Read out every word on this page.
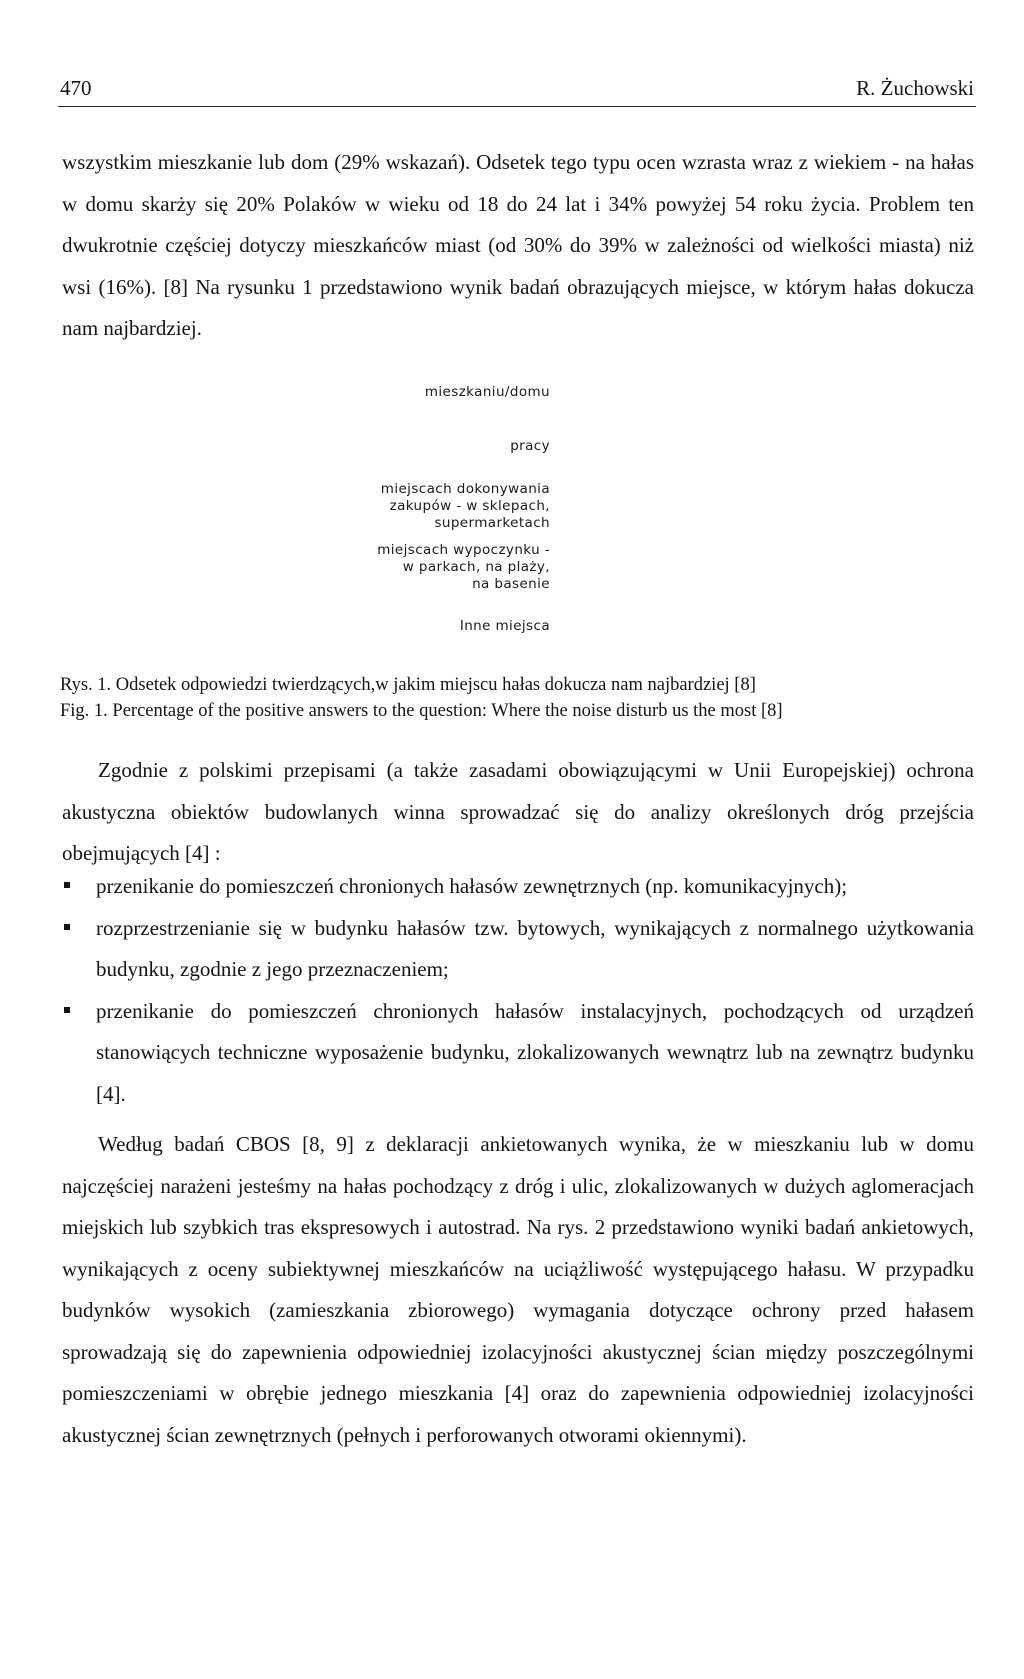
470	R. Żuchowski

wszystkim mieszkanie lub dom (29% wskazań). Odsetek tego typu ocen wzrasta wraz z wiekiem - na hałas w domu skarży się 20% Polaków w wieku od 18 do 24 lat i 34% powyżej 54 roku życia. Problem ten dwukrotnie częściej dotyczy mieszkańców miast (od 30% do 39% w zależności od wielkości miasta) niż wsi (16%). [8] Na rysunku 1 przedstawiono wynik badań obrazujących miejsce, w którym hałas dokucza nam najbardziej.

mieszkaniu/domu

pracy

miejscach dokonywania
zakupów - w sklepach,
supermarketach

miejscach wypoczynku -
w parkach, na plaży,
na basenie

Inne miejsca

Rys. 1. Odsetek odpowiedzi twierdzących,w jakim miejscu hałas dokucza nam najbardziej [8]

Fig. 1. Percentage of the positive answers to the question: Where the noise disturb us the most [8]

Zgodnie z polskimi przepisami (a także zasadami obowiązującymi w Unii Europejskiej) ochrona akustyczna obiektów budowlanych winna sprowadzać się do analizy określonych dróg przejścia obejmujących [4] :

przenikanie do pomieszczeń chronionych hałasów zewnętrznych (np. komunikacyjnych);
rozprzestrzenianie się w budynku hałasów tzw. bytowych, wynikających z normalnego użytkowania budynku, zgodnie z jego przeznaczeniem;
przenikanie do pomieszczeń chronionych hałasów instalacyjnych, pochodzących od urządzeń stanowiących techniczne wyposażenie budynku, zlokalizowanych wewnątrz lub na zewnątrz budynku [4].

Według badań CBOS [8, 9] z deklaracji ankietowanych wynika, że w mieszkaniu lub w domu najczęściej narażeni jesteśmy na hałas pochodzący z dróg i ulic, zlokalizowanych w dużych aglomeracjach miejskich lub szybkich tras ekspresowych i autostrad. Na rys. 2 przedstawiono wyniki badań ankietowych, wynikających z oceny subiektywnej mieszkańców na uciążliwość występującego hałasu. W przypadku budynków wysokich (zamieszkania zbiorowego) wymagania dotyczące ochrony przed hałasem sprowadzają się do zapewnienia odpowiedniej izolacyjności akustycznej ścian między poszczególnymi pomieszczeniami w obrębie jednego mieszkania [4] oraz do zapewnienia odpowiedniej izolacyjności akustycznej ścian zewnętrznych (pełnych i perforowanych otworami okiennymi).
